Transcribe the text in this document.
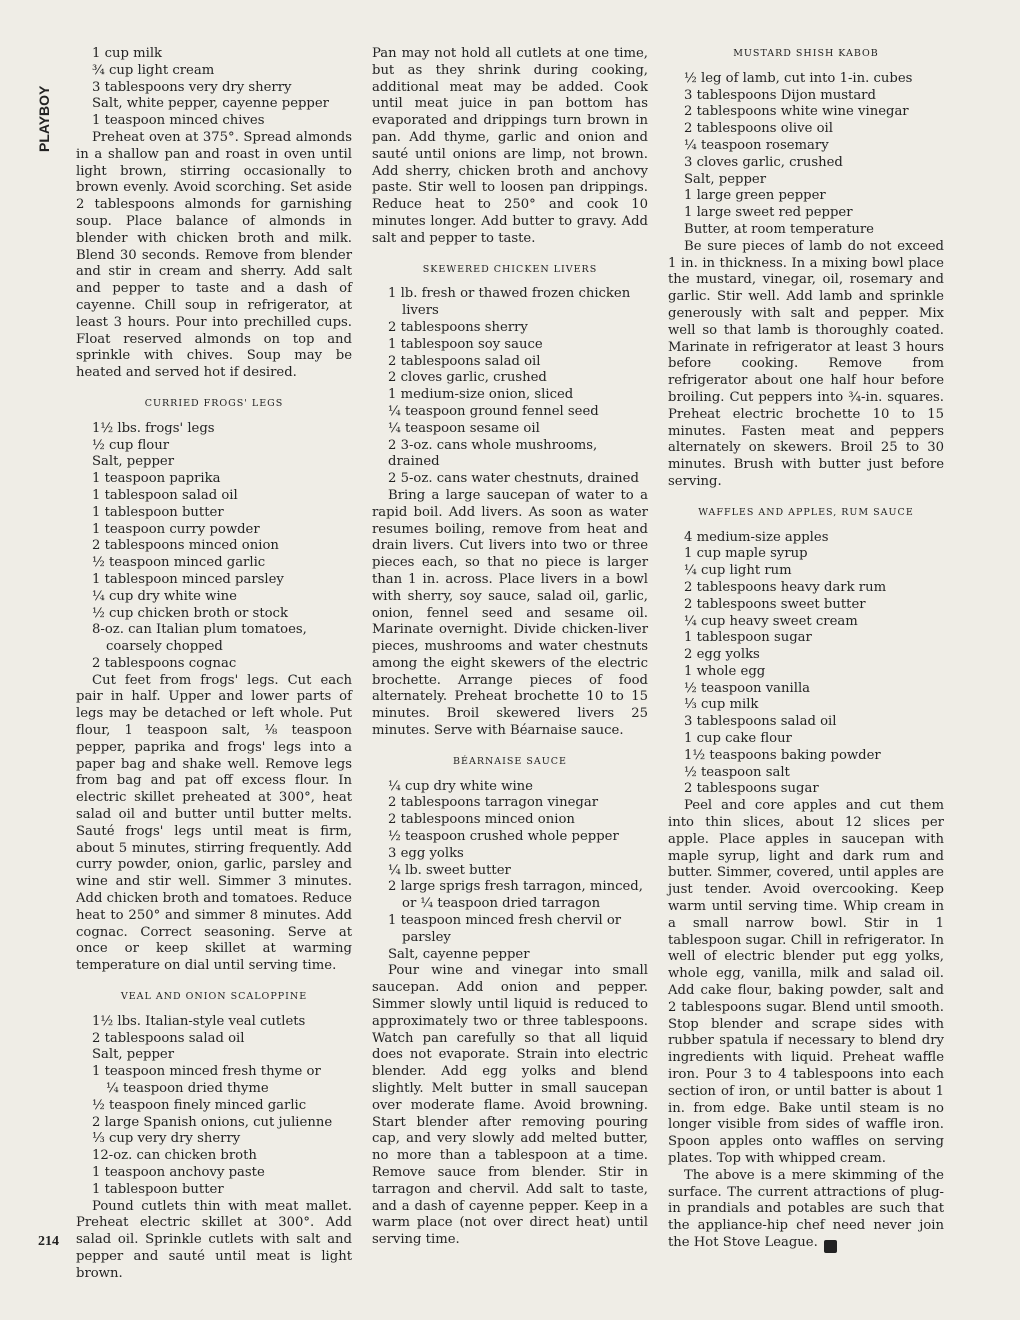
PLAYBOY
214

1 cup milk

¾ cup light cream

3 tablespoons very dry sherry

Salt, white pepper, cayenne pepper

1 teaspoon minced chives

Preheat oven at 375°. Spread almonds in a shallow pan and roast in oven until light brown, stirring occasionally to brown evenly. Avoid scorching. Set aside 2 tablespoons almonds for garnishing soup. Place balance of almonds in blender with chicken broth and milk. Blend 30 seconds. Remove from blender and stir in cream and sherry. Add salt and pepper to taste and a dash of cayenne. Chill soup in refrigerator, at least 3 hours. Pour into prechilled cups. Float reserved almonds on top and sprinkle with chives. Soup may be heated and served hot if desired.

CURRIED FROGS' LEGS

1½ lbs. frogs' legs

½ cup flour

Salt, pepper

1 teaspoon paprika

1 tablespoon salad oil

1 tablespoon butter

1 teaspoon curry powder

2 tablespoons minced onion

½ teaspoon minced garlic

1 tablespoon minced parsley

¼ cup dry white wine

½ cup chicken broth or stock

8-oz. can Italian plum tomatoes,

coarsely chopped

2 tablespoons cognac

Cut feet from frogs' legs. Cut each pair in half. Upper and lower parts of legs may be detached or left whole. Put flour, 1 teaspoon salt, ⅛ teaspoon pepper, paprika and frogs' legs into a paper bag and shake well. Remove legs from bag and pat off excess flour. In electric skillet preheated at 300°, heat salad oil and butter until butter melts. Sauté frogs' legs until meat is firm, about 5 minutes, stirring frequently. Add curry powder, onion, garlic, parsley and wine and stir well. Simmer 3 minutes. Add chicken broth and tomatoes. Reduce heat to 250° and simmer 8 minutes. Add cognac. Correct seasoning. Serve at once or keep skillet at warming temperature on dial until serving time.

VEAL AND ONION SCALOPPINE

1½ lbs. Italian-style veal cutlets

2 tablespoons salad oil

Salt, pepper

1 teaspoon minced fresh thyme or

¼ teaspoon dried thyme

½ teaspoon finely minced garlic

2 large Spanish onions, cut julienne

⅓ cup very dry sherry

12-oz. can chicken broth

1 teaspoon anchovy paste

1 tablespoon butter

Pound cutlets thin with meat mallet. Preheat electric skillet at 300°. Add salad oil. Sprinkle cutlets with salt and pepper and sauté until meat is light brown.

Pan may not hold all cutlets at one time, but as they shrink during cooking, additional meat may be added. Cook until meat juice in pan bottom has evaporated and drippings turn brown in pan. Add thyme, garlic and onion and sauté until onions are limp, not brown. Add sherry, chicken broth and anchovy paste. Stir well to loosen pan drippings. Reduce heat to 250° and cook 10 minutes longer. Add butter to gravy. Add salt and pepper to taste.

SKEWERED CHICKEN LIVERS

1 lb. fresh or thawed frozen chicken

livers

2 tablespoons sherry

1 tablespoon soy sauce

2 tablespoons salad oil

2 cloves garlic, crushed

1 medium-size onion, sliced

¼ teaspoon ground fennel seed

¼ teaspoon sesame oil

2 3-oz. cans whole mushrooms, drained

2 5-oz. cans water chestnuts, drained

Bring a large saucepan of water to a rapid boil. Add livers. As soon as water resumes boiling, remove from heat and drain livers. Cut livers into two or three pieces each, so that no piece is larger than 1 in. across. Place livers in a bowl with sherry, soy sauce, salad oil, garlic, onion, fennel seed and sesame oil. Marinate overnight. Divide chicken-liver pieces, mushrooms and water chestnuts among the eight skewers of the electric brochette. Arrange pieces of food alternately. Preheat brochette 10 to 15 minutes. Broil skewered livers 25 minutes. Serve with Béarnaise sauce.

BÉARNAISE SAUCE

¼ cup dry white wine

2 tablespoons tarragon vinegar

2 tablespoons minced onion

½ teaspoon crushed whole pepper

3 egg yolks

¼ lb. sweet butter

2 large sprigs fresh tarragon, minced,

or ¼ teaspoon dried tarragon

1 teaspoon minced fresh chervil or

parsley

Salt, cayenne pepper

Pour wine and vinegar into small saucepan. Add onion and pepper. Simmer slowly until liquid is reduced to approximately two or three tablespoons. Watch pan carefully so that all liquid does not evaporate. Strain into electric blender. Add egg yolks and blend slightly. Melt butter in small saucepan over moderate flame. Avoid browning. Start blender after removing pouring cap, and very slowly add melted butter, no more than a tablespoon at a time. Remove sauce from blender. Stir in tarragon and chervil. Add salt to taste, and a dash of cayenne pepper. Keep in a warm place (not over direct heat) until serving time.

MUSTARD SHISH KABOB

½ leg of lamb, cut into 1-in. cubes

3 tablespoons Dijon mustard

2 tablespoons white wine vinegar

2 tablespoons olive oil

¼ teaspoon rosemary

3 cloves garlic, crushed

Salt, pepper

1 large green pepper

1 large sweet red pepper

Butter, at room temperature

Be sure pieces of lamb do not exceed 1 in. in thickness. In a mixing bowl place the mustard, vinegar, oil, rosemary and garlic. Stir well. Add lamb and sprinkle generously with salt and pepper. Mix well so that lamb is thoroughly coated. Marinate in refrigerator at least 3 hours before cooking. Remove from refrigerator about one half hour before broiling. Cut peppers into ¾-in. squares. Preheat electric brochette 10 to 15 minutes. Fasten meat and peppers alternately on skewers. Broil 25 to 30 minutes. Brush with butter just before serving.

WAFFLES AND APPLES, RUM SAUCE

4 medium-size apples

1 cup maple syrup

¼ cup light rum

2 tablespoons heavy dark rum

2 tablespoons sweet butter

¼ cup heavy sweet cream

1 tablespoon sugar

2 egg yolks

1 whole egg

½ teaspoon vanilla

⅓ cup milk

3 tablespoons salad oil

1 cup cake flour

1½ teaspoons baking powder

½ teaspoon salt

2 tablespoons sugar

Peel and core apples and cut them into thin slices, about 12 slices per apple. Place apples in saucepan with maple syrup, light and dark rum and butter. Simmer, covered, until apples are just tender. Avoid overcooking. Keep warm until serving time. Whip cream in a small narrow bowl. Stir in 1 tablespoon sugar. Chill in refrigerator. In well of electric blender put egg yolks, whole egg, vanilla, milk and salad oil. Add cake flour, baking powder, salt and 2 tablespoons sugar. Blend until smooth. Stop blender and scrape sides with rubber spatula if necessary to blend dry ingredients with liquid. Preheat waffle iron. Pour 3 to 4 tablespoons into each section of iron, or until batter is about 1 in. from edge. Bake until steam is no longer visible from sides of waffle iron. Spoon apples onto waffles on serving plates. Top with whipped cream.

The above is a mere skimming of the surface. The current attractions of plug-in prandials and potables are such that the appliance-hip chef need never join the Hot Stove League. ✦
